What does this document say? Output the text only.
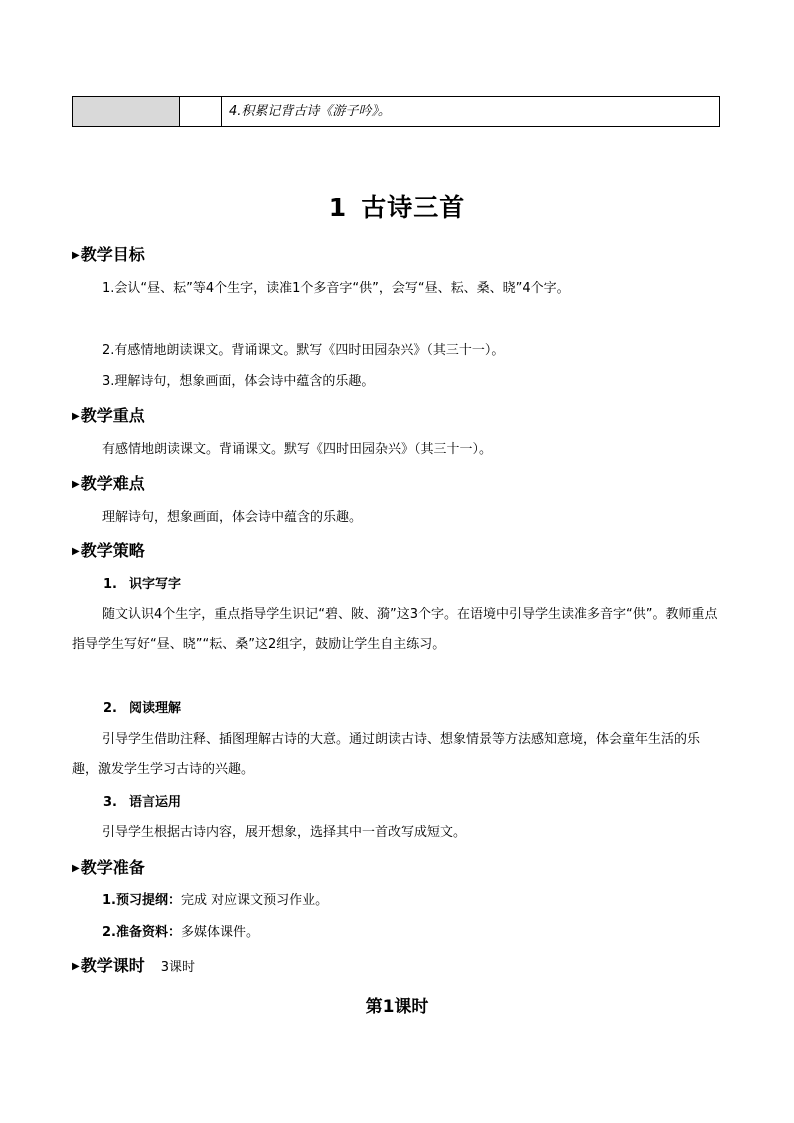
4.积累记背古诗《游子吟》。
1 古诗三首
▶教学目标
1.会认“昼、耘”等4个生字，读准1个多音字“供”，会写“昼、耘、桑、晓”4个字。
2.有感情地朗读课文。背诵课文。默写《四时田园杂兴》（其三十一）。
3.理解诗句，想象画面，体会诗中蕴含的乐趣。
▶教学重点
有感情地朗读课文。背诵课文。默写《四时田园杂兴》（其三十一）。
▶教学难点
理解诗句，想象画面，体会诗中蕴含的乐趣。
▶教学策略
1. 识字写字
随文认识4个生字，重点指导学生识记“碧、陂、漪”这3个字。在语境中引导学生读准多音字“供”。教师重点指导学生写好“昼、晓”“耘、桑”这2组字，鼓励让学生自主练习。
2. 阅读理解
引导学生借助注释、插图理解古诗的大意。通过朗读古诗、想象情景等方法感知意境，体会童年生活的乐趣，激发学生学习古诗的兴趣。
3. 语言运用
引导学生根据古诗内容，展开想象，选择其中一首改写成短文。
▶教学准备
1.预习提纲：完成 对应课文预习作业。
2.准备资料：多媒体课件。
▶教学课时 3课时
第1课时
